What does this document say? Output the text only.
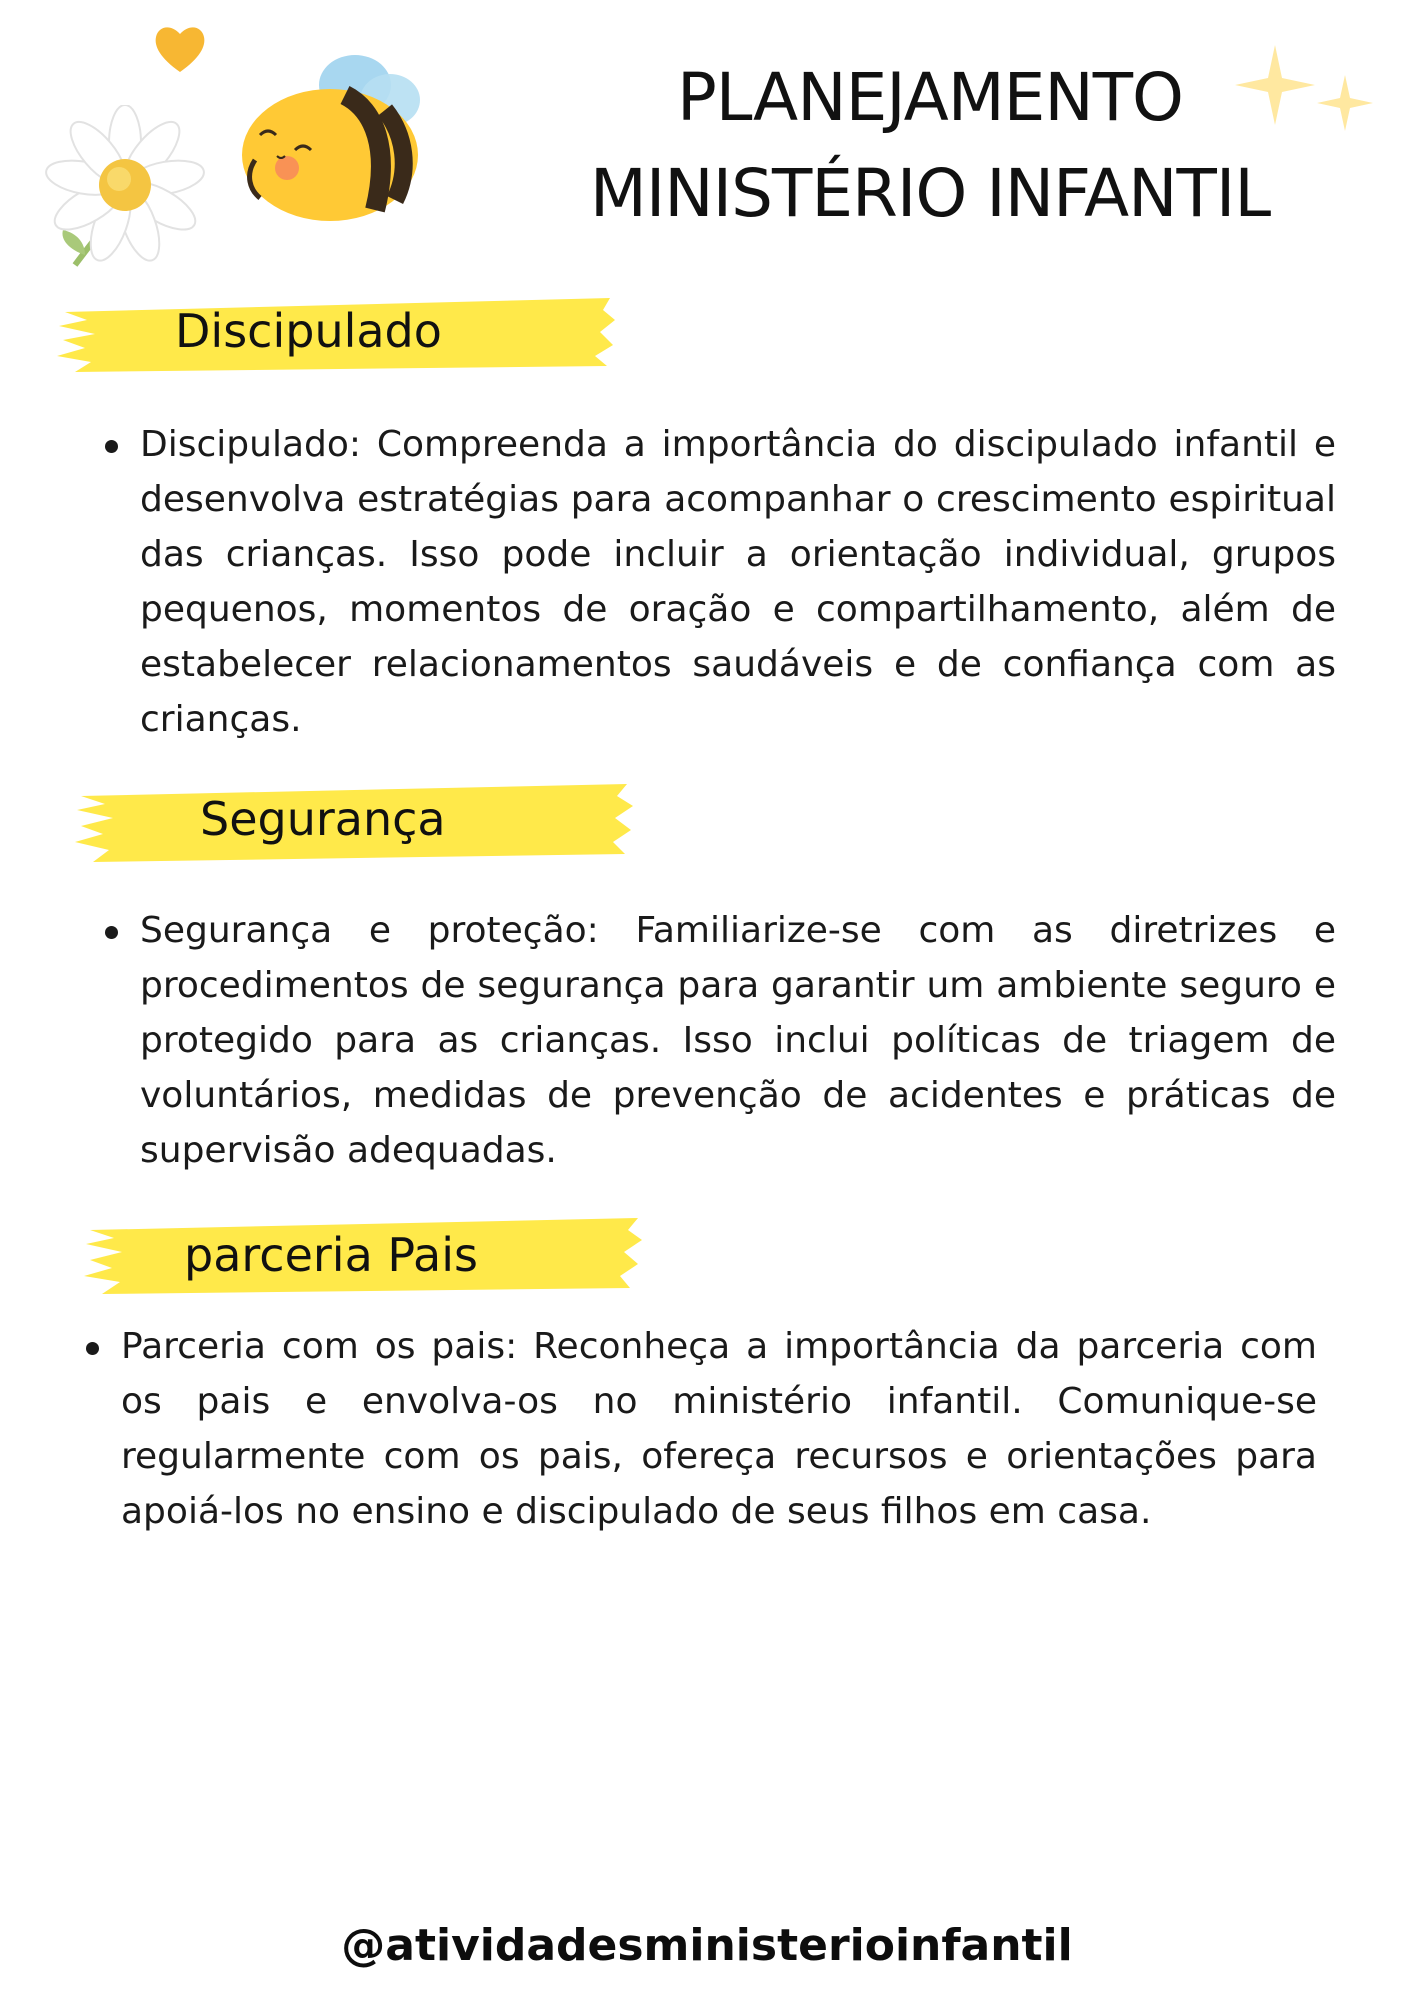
PLANEJAMENTO
MINISTÉRIO INFANTIL
Discipulado

Discipulado: Compreenda a importância do discipulado infantil e desenvolva estratégias para acompanhar o crescimento espiritual das crianças. Isso pode incluir a orientação individual, grupos pequenos, momentos de oração e compartilhamento, além de estabelecer relacionamentos saudáveis e de confiança com as crianças.

Segurança

Segurança e proteção: Familiarize-se com as diretrizes e procedimentos de segurança para garantir um ambiente seguro e protegido para as crianças. Isso inclui políticas de triagem de voluntários, medidas de prevenção de acidentes e práticas de supervisão adequadas.

parceria Pais

Parceria com os pais: Reconheça a importância da parceria com os pais e envolva-os no ministério infantil. Comunique-se regularmente com os pais, ofereça recursos e orientações para apoiá-los no ensino e discipulado de seus filhos em casa.

@atividadesministerioinfantil
